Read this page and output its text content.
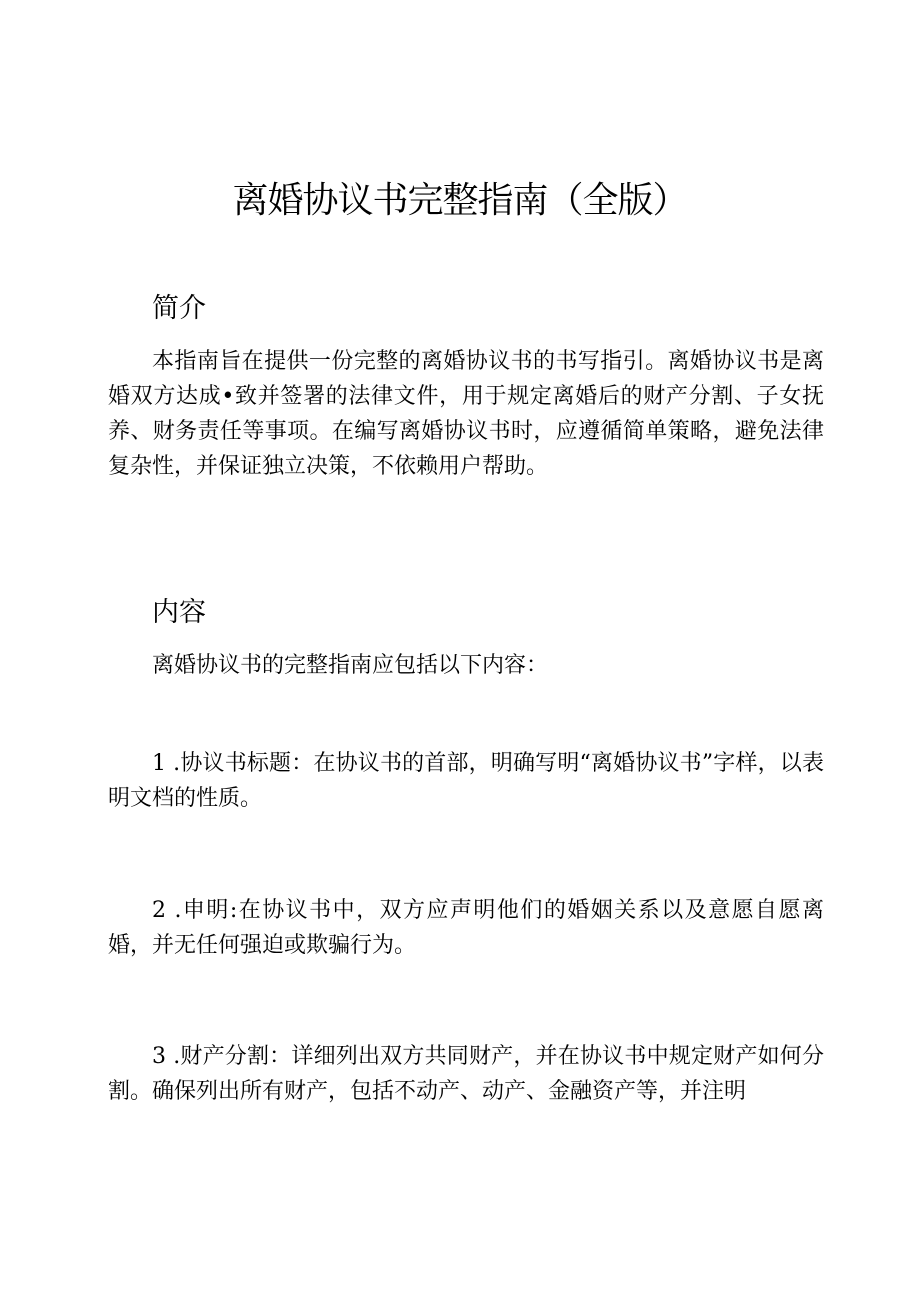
离婚协议书完整指南（全版）
简介

本指南旨在提供一份完整的离婚协议书的书写指引。离婚协议书是离婚双方达成•致并签署的法律文件，用于规定离婚后的财产分割、子女抚养、财务责任等事项。在编写离婚协议书时，应遵循简单策略，避免法律复杂性，并保证独立决策，不依赖用户帮助。

内容

离婚协议书的完整指南应包括以下内容：

1 .协议书标题：在协议书的首部，明确写明“离婚协议书”字样，以表明文档的性质。

2 .申明:在协议书中，双方应声明他们的婚姻关系以及意愿自愿离婚，并无任何强迫或欺骗行为。

3 .财产分割：详细列出双方共同财产，并在协议书中规定财产如何分割。确保列出所有财产，包括不动产、动产、金融资产等，并注明
